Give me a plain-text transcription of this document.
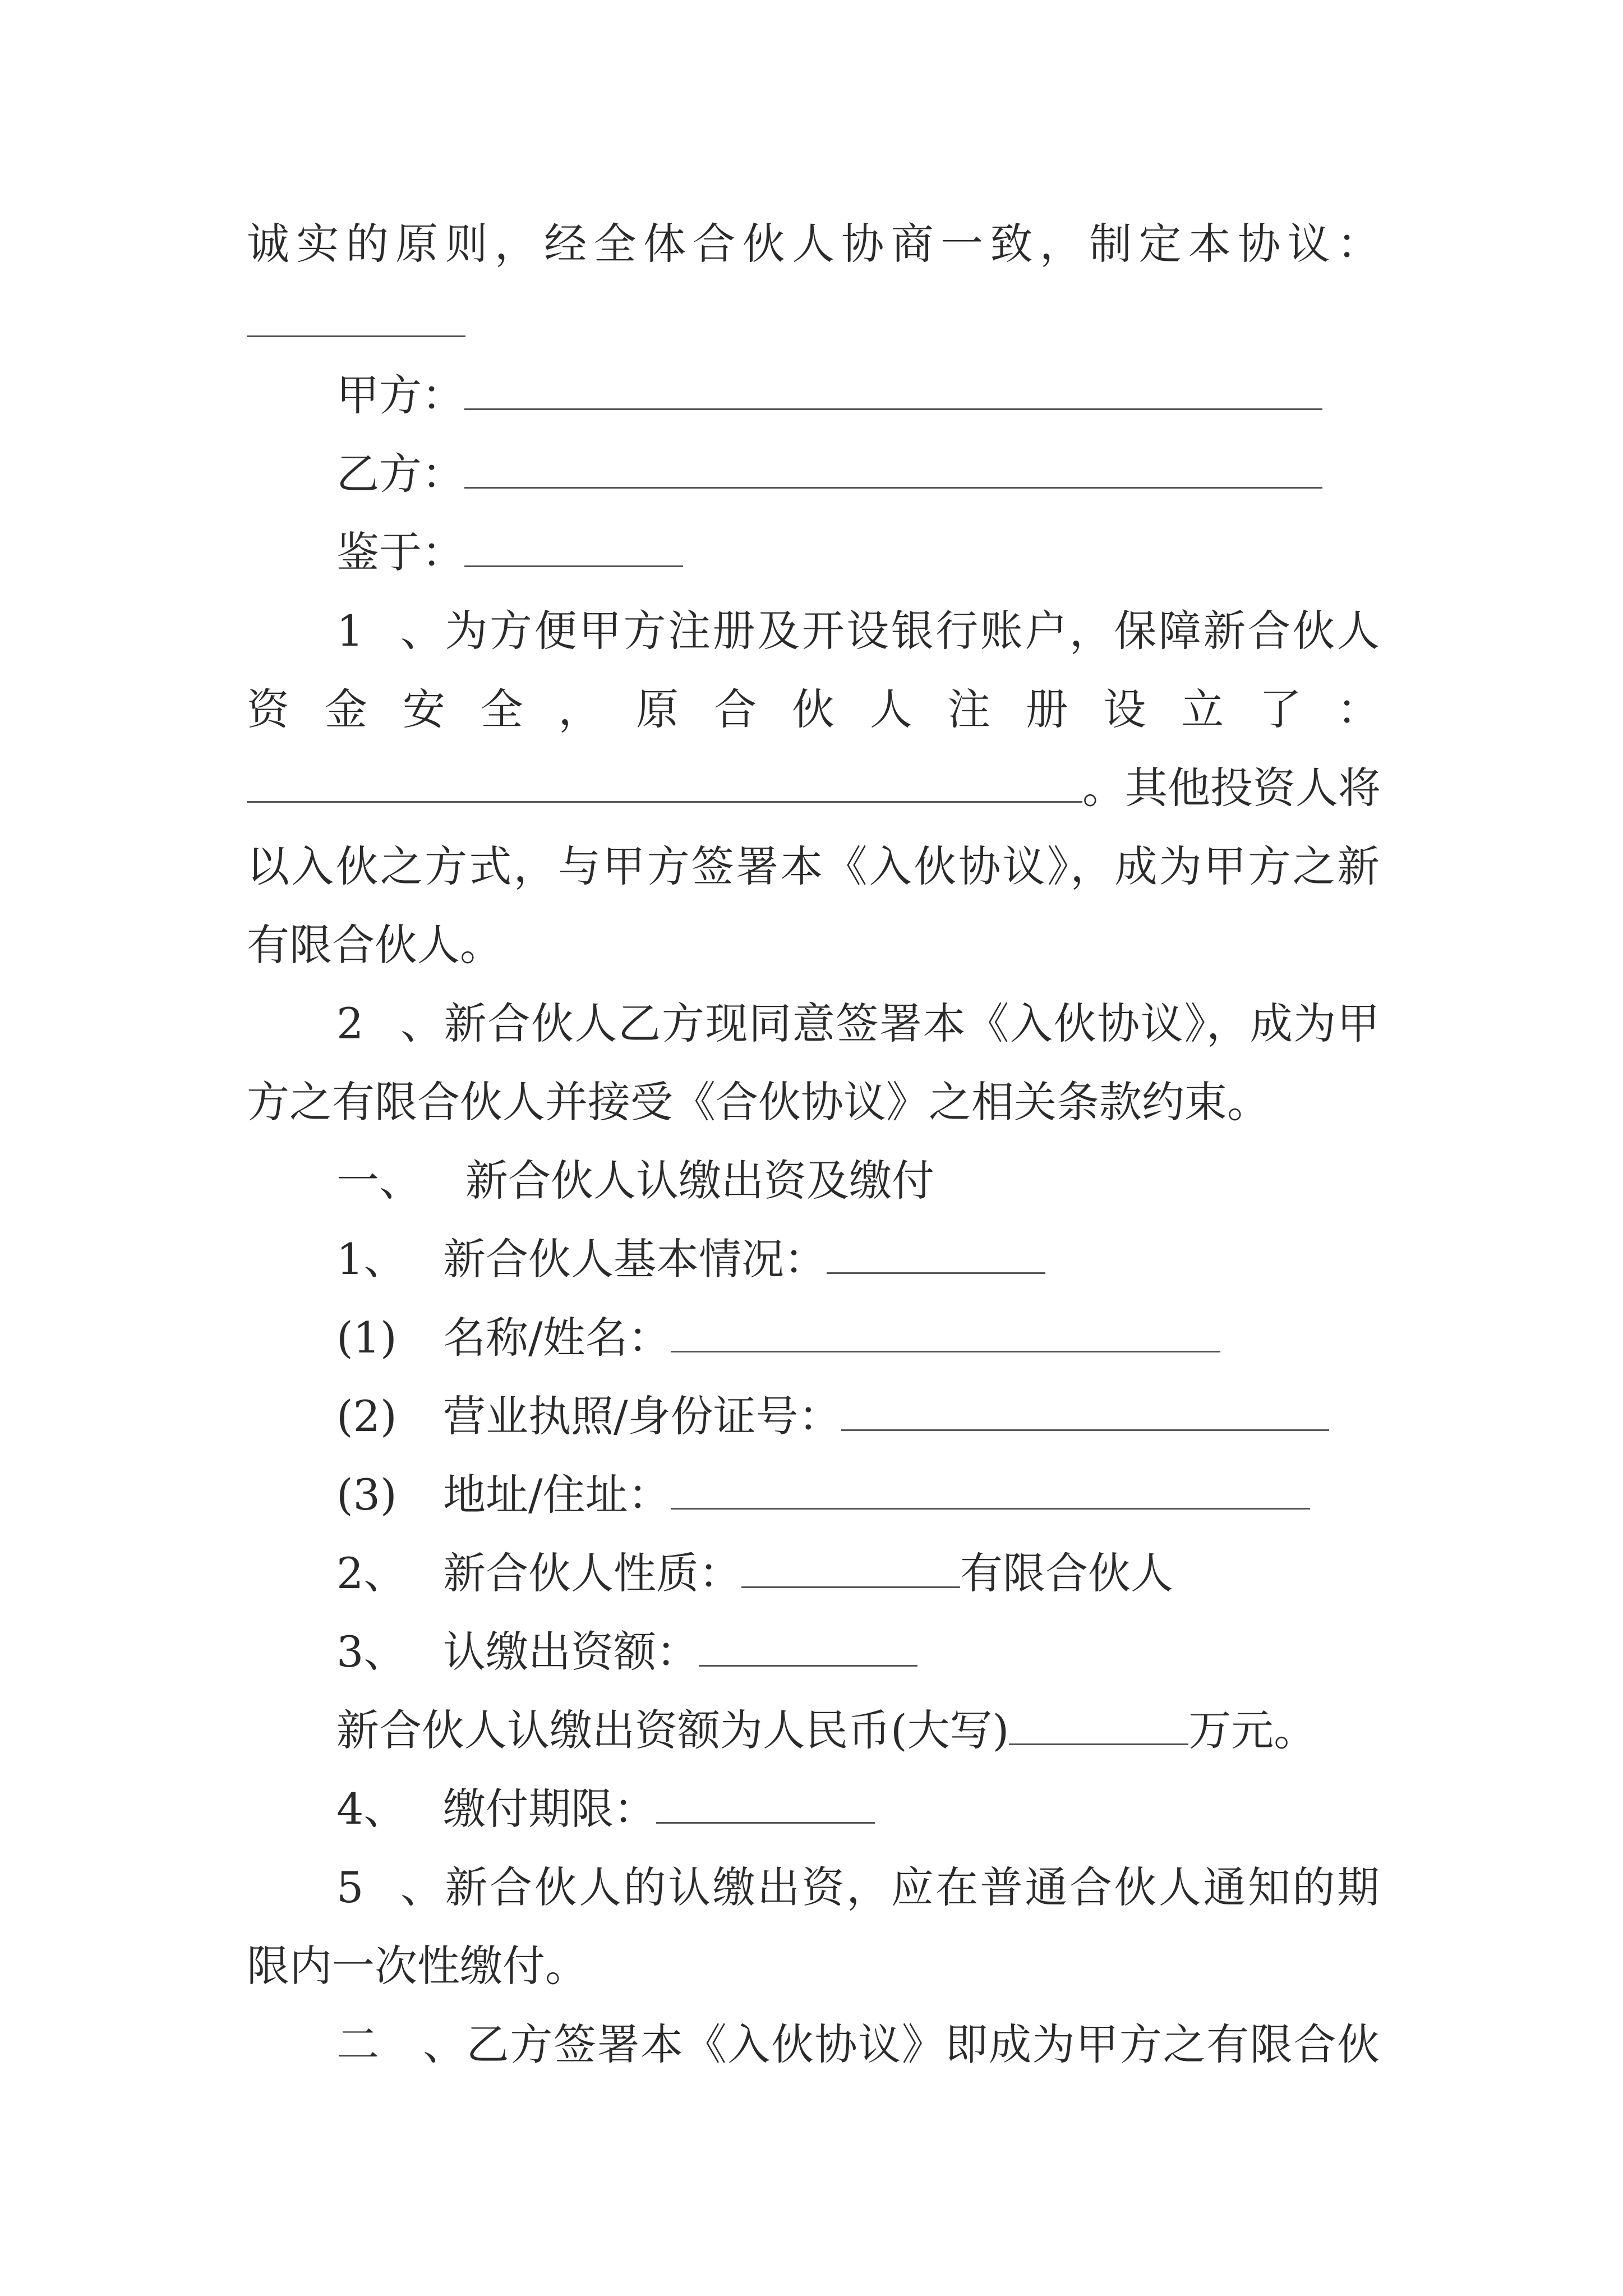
诚实的原则，经全体合伙人协商一致，制定本协议：
甲方：
乙方：
鉴于：
1、为方便甲方注册及开设银行账户，保障新合伙人
资金安全，原合伙人注册设立了：
。其他投资人将
以入伙之方式，与甲方签署本《入伙协议》，成为甲方之新
有限合伙人。
2、新合伙人乙方现同意签署本《入伙协议》，成为甲
方之有限合伙人并接受《合伙协议》之相关条款约束。
一、 新合伙人认缴出资及缴付
1、 新合伙人基本情况：
(1) 名称/姓名：
(2) 营业执照/身份证号：
(3) 地址/住址：
2、 新合伙人性质：	有限合伙人
3、 认缴出资额：
新合伙人认缴出资额为人民币(大写)	万元。
4、 缴付期限：
5、新合伙人的认缴出资，应在普通合伙人通知的期
限内一次性缴付。
二、乙方签署本《入伙协议》即成为甲方之有限合伙
